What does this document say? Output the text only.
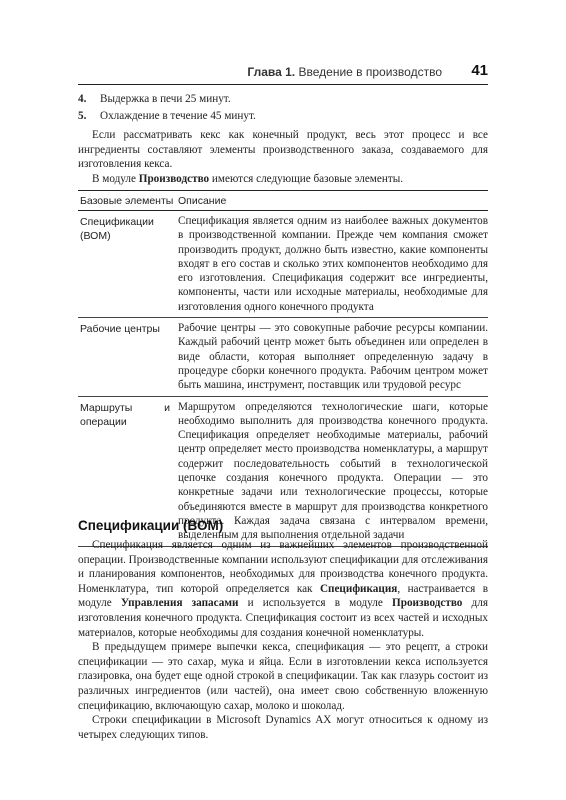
Глава 1. Введение в производство 41
4. Выдержка в печи 25 минут.
5. Охлаждение в течение 45 минут.

Если рассматривать кекс как конечный продукт, весь этот процесс и все ингредиенты составляют элементы производственного заказа, создаваемого для изготовления кекса.

В модуле Производство имеются следующие базовые элементы.

Базовые элементы Описание
Спецификации (ВОМ)
Спецификация является одним из наиболее важных документов в производственной компании. Прежде чем компания сможет производить продукт, должно быть известно, какие компоненты входят в его состав и сколько этих компонентов необходимо для его изготовления. Спецификация содержит все ингредиенты, компоненты, части или исходные материалы, необходимые для изготовления одного конечного продукта
Рабочие центры	Рабочие центры — это совокупные рабочие ресурсы компании. Каждый рабочий центр может быть объединен или определен в виде области, которая выполняет определенную задачу в процедуре сборки конечного продукта. Рабочим центром может быть машина, инструмент, поставщик или трудовой ресурс
Маршруты и операции
Маршрутом определяются технологические шаги, которые необходимо выполнить для производства конечного продукта. Спецификация определяет необходимые материалы, рабочий центр определяет место производства номенклатуры, а маршрут содержит последовательность событий в технологической цепочке создания конечного продукта. Операции — это конкретные задачи или технологические процессы, которые объединяются вместе в маршрут для производства конкретного продукта. Каждая задача связана с интервалом времени, выделенным для выполнения отдельной задачи
Спецификации (ВОМ)

Спецификация является одним из важнейших элементов производственной операции. Производственные компании используют спецификации для отслеживания и планирования компонентов, необходимых для производства конечного продукта. Номенклатура, тип которой определяется как Спецификация, настраивается в модуле Управления запасами и используется в модуле Производство для изготовления конечного продукта. Спецификация состоит из всех частей и исходных материалов, которые необходимы для создания конечной номенклатуры.

В предыдущем примере выпечки кекса, спецификация — это рецепт, а строки спецификации — это сахар, мука и яйца. Если в изготовлении кекса используется глазировка, она будет еще одной строкой в спецификации. Так как глазурь состоит из различных ингредиентов (или частей), она имеет свою собственную вложенную спецификацию, включающую сахар, молоко и шоколад.

Строки спецификации в Microsoft Dynamics AX могут относиться к одному из четырех следующих типов.
